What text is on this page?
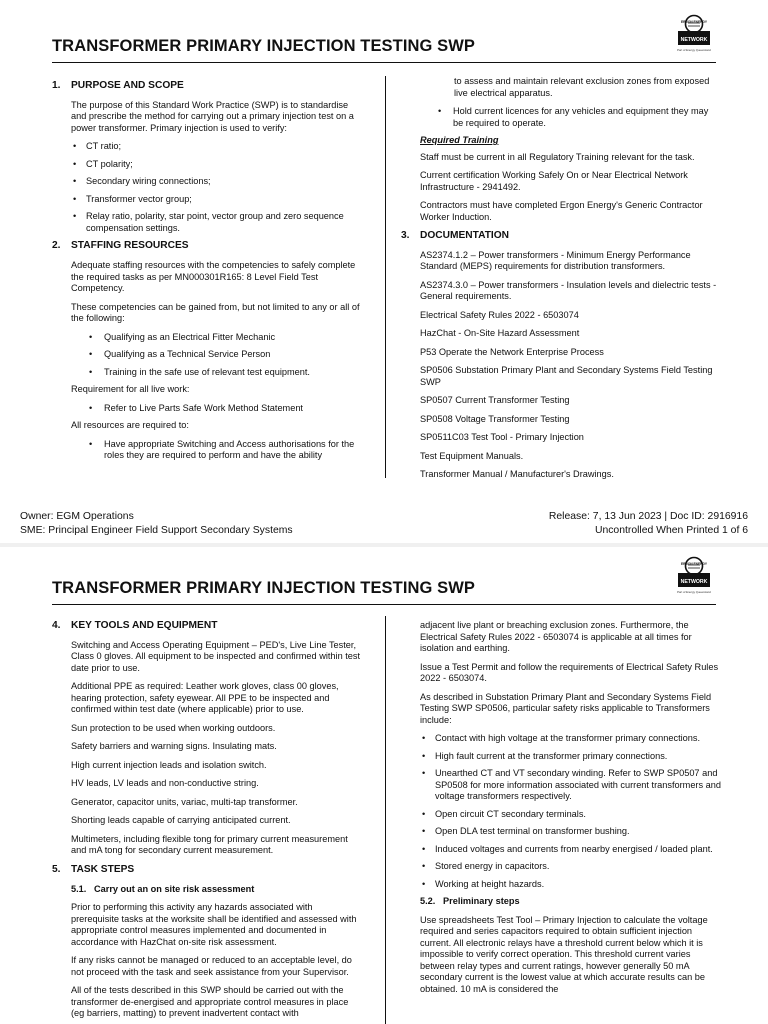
TRANSFORMER PRIMARY INJECTION TESTING SWP
ERGON ENERGY
NETWORK
Part of Energy Queensland
1.	PURPOSE AND SCOPE
The purpose of this Standard Work Practice (SWP) is to standardise and prescribe the method for carrying out a primary injection test on a power transformer. Primary injection is used to verify:
• CT ratio;
• CT polarity;
• Secondary wiring connections;
• Transformer vector group;
• Relay ratio, polarity, star point, vector group and zero sequence compensation settings.
2.	STAFFING RESOURCES
Adequate staffing resources with the competencies to safely complete the required tasks as per MN000301R165: 8 Level Field Test Competency.
These competencies can be gained from, but not limited to any or all of the following:
• Qualifying as an Electrical Fitter Mechanic
• Qualifying as a Technical Service Person
• Training in the safe use of relevant test equipment.
Requirement for all live work:
• Refer to Live Parts Safe Work Method Statement
All resources are required to:
• Have appropriate Switching and Access authorisations for the roles they are required to perform and have the ability
to assess and maintain relevant exclusion zones from exposed live electrical apparatus.
• Hold current licences for any vehicles and equipment they may be required to operate.
Required Training
Staff must be current in all Regulatory Training relevant for the task.
Current certification Working Safely On or Near Electrical Network Infrastructure - 2941492.
Contractors must have completed Ergon Energy's Generic Contractor Worker Induction.
3.	DOCUMENTATION
AS2374.1.2 – Power transformers - Minimum Energy Performance Standard (MEPS) requirements for distribution transformers.
AS2374.3.0 – Power transformers - Insulation levels and dielectric tests - General requirements.
Electrical Safety Rules 2022 - 6503074
HazChat - On-Site Hazard Assessment
P53 Operate the Network Enterprise Process
SP0506 Substation Primary Plant and Secondary Systems Field Testing SWP
SP0507 Current Transformer Testing
SP0508 Voltage Transformer Testing
SP0511C03 Test Tool - Primary Injection
Test Equipment Manuals.
Transformer Manual / Manufacturer's Drawings.
Owner: EGM Operations
SME: Principal Engineer Field Support Secondary Systems
Release: 7, 13 Jun 2023 | Doc ID: 2916916
Uncontrolled When Printed 1 of 6
TRANSFORMER PRIMARY INJECTION TESTING SWP
ERGON ENERGY
NETWORK
Part of Energy Queensland
4.	KEY TOOLS AND EQUIPMENT
Switching and Access Operating Equipment – PED's, Live Line Tester, Class 0 gloves. All equipment to be inspected and confirmed within test date prior to use.
Additional PPE as required: Leather work gloves, class 00 gloves, hearing protection, safety eyewear. All PPE to be inspected and confirmed within test date (where applicable) prior to use.
Sun protection to be used when working outdoors.
Safety barriers and warning signs. Insulating mats.
High current injection leads and isolation switch.
HV leads, LV leads and non-conductive string.
Generator, capacitor units, variac, multi-tap transformer.
Shorting leads capable of carrying anticipated current.
Multimeters, including flexible tong for primary current measurement and mA tong for secondary current measurement.
5.	TASK STEPS
5.1. Carry out an on site risk assessment
Prior to performing this activity any hazards associated with prerequisite tasks at the worksite shall be identified and assessed with appropriate control measures implemented and documented in accordance with HazChat on-site risk assessment.
If any risks cannot be managed or reduced to an acceptable level, do not proceed with the task and seek assistance from your Supervisor.
All of the tests described in this SWP should be carried out with the transformer de-energised and appropriate control measures in place (eg barriers, matting) to prevent inadvertent contact with
adjacent live plant or breaching exclusion zones. Furthermore, the Electrical Safety Rules 2022 - 6503074 is applicable at all times for isolation and earthing.
Issue a Test Permit and follow the requirements of Electrical Safety Rules 2022 - 6503074.
As described in Substation Primary Plant and Secondary Systems Field Testing SWP SP0506, particular safety risks applicable to Transformers include:
• Contact with high voltage at the transformer primary connections.
• High fault current at the transformer primary connections.
• Unearthed CT and VT secondary winding. Refer to SWP SP0507 and SP0508 for more information associated with current transformers and voltage transformers respectively.
• Open circuit CT secondary terminals.
• Open DLA test terminal on transformer bushing.
• Induced voltages and currents from nearby energised / loaded plant.
• Stored energy in capacitors.
• Working at height hazards.
5.2. Preliminary steps
Use spreadsheets Test Tool – Primary Injection to calculate the voltage required and series capacitors required to obtain sufficient injection current. All electronic relays have a threshold current below which it is impossible to verify correct operation. This threshold current varies between relay types and current ratings, however generally 50 mA secondary current is the lowest value at which accurate results can be obtained. 10 mA is considered the
